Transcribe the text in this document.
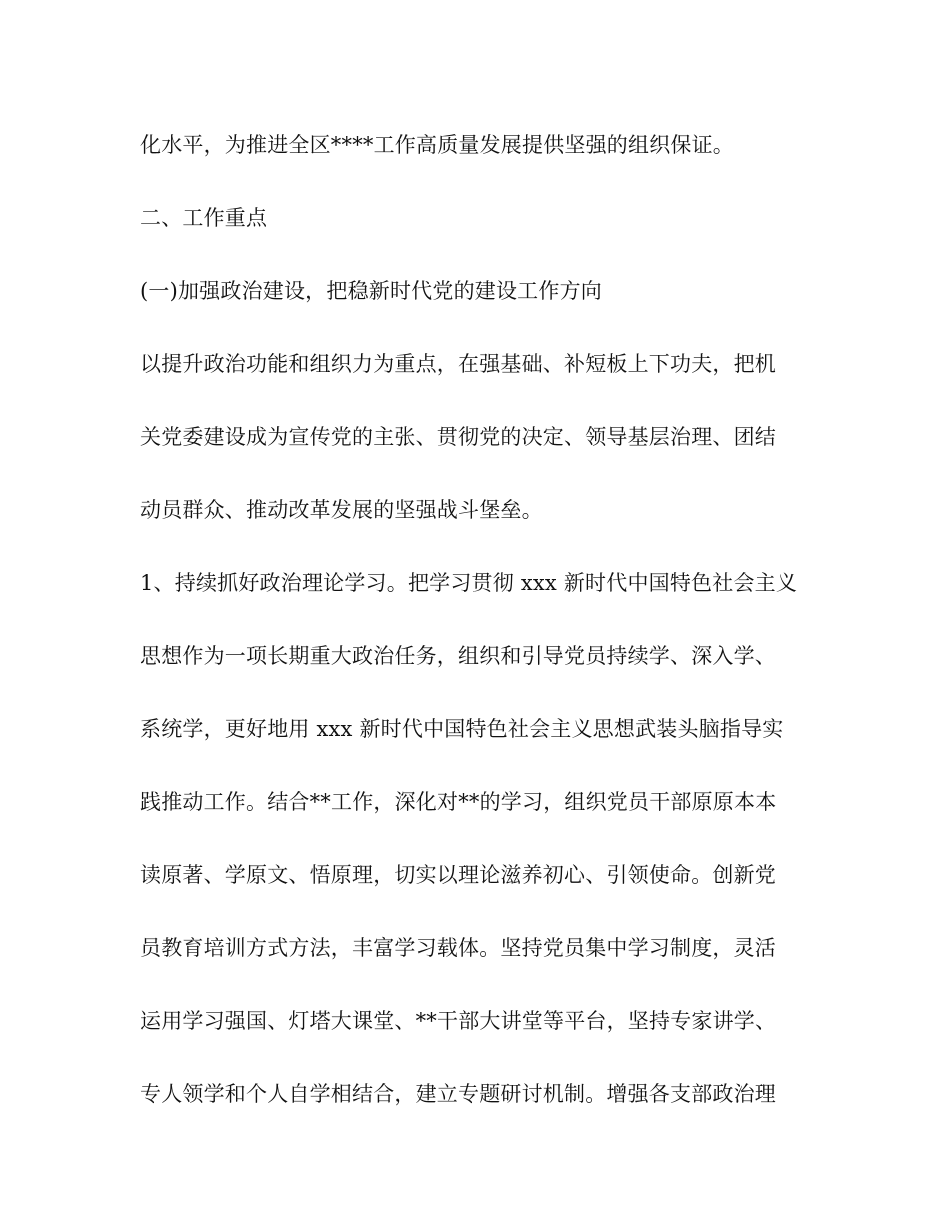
化水平，为推进全区****工作高质量发展提供坚强的组织保证。
二、工作重点
(一)加强政治建设，把稳新时代党的建设工作方向
以提升政治功能和组织力为重点，在强基础、补短板上下功夫，把机
关党委建设成为宣传党的主张、贯彻党的决定、领导基层治理、团结
动员群众、推动改革发展的坚强战斗堡垒。
1、持续抓好政治理论学习。把学习贯彻 xxx 新时代中国特色社会主义
思想作为一项长期重大政治任务，组织和引导党员持续学、深入学、
系统学，更好地用 xxx 新时代中国特色社会主义思想武装头脑指导实
践推动工作。结合**工作，深化对**的学习，组织党员干部原原本本
读原著、学原文、悟原理，切实以理论滋养初心、引领使命。创新党
员教育培训方式方法，丰富学习载体。坚持党员集中学习制度，灵活
运用学习强国、灯塔大课堂、**干部大讲堂等平台，坚持专家讲学、
专人领学和个人自学相结合，建立专题研讨机制。增强各支部政治理
